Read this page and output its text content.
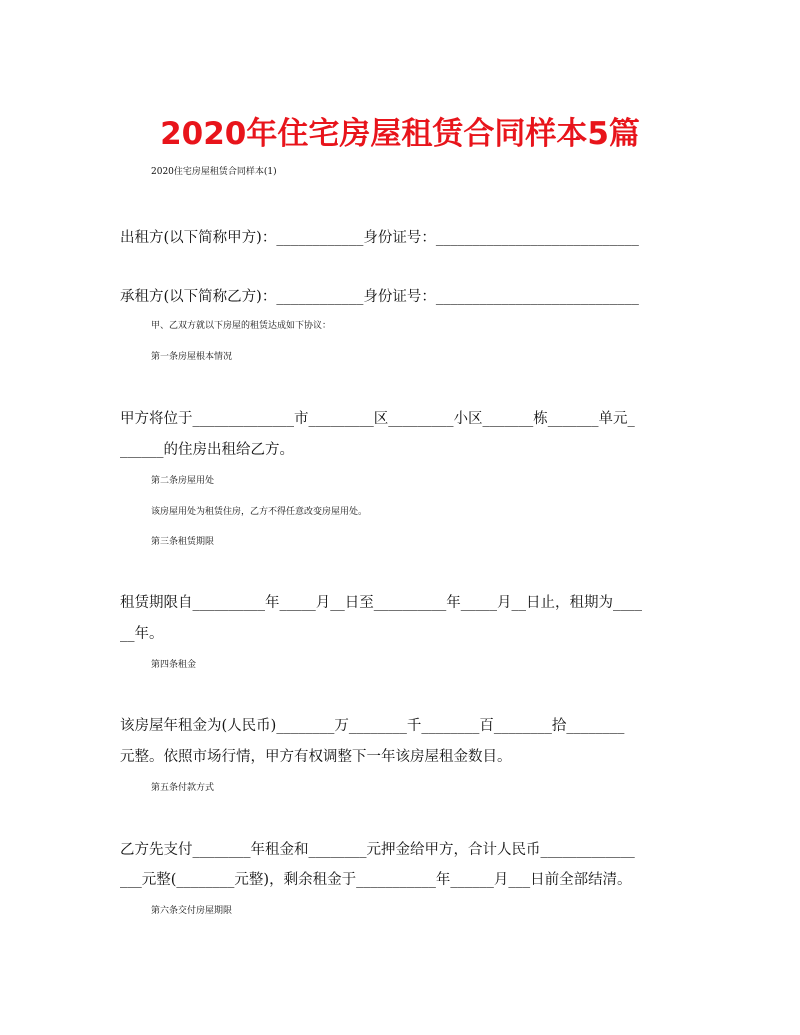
2020年住宅房屋租赁合同样本5篇
2020住宅房屋租赁合同样本(1)
出租方(以下简称甲方)：____________身份证号：____________________________
承租方(以下简称乙方)：____________身份证号：____________________________
甲、乙双方就以下房屋的租赁达成如下协议：
第一条房屋根本情况
甲方将位于______________市_________区_________小区_______栋_______单元_
______的住房出租给乙方。
第二条房屋用处
该房屋用处为租赁住房，乙方不得任意改变房屋用处。
第三条租赁期限
租赁期限自__________年_____月__日至__________年_____月__日止，租期为____
__年。
第四条租金
该房屋年租金为(人民币)________万________千________百________拾________
元整。依照市场行情，甲方有权调整下一年该房屋租金数目。
第五条付款方式
乙方先支付________年租金和________元押金给甲方，合计人民币_____________
___元整(________元整)，剩余租金于___________年______月___日前全部结清。
第六条交付房屋期限
